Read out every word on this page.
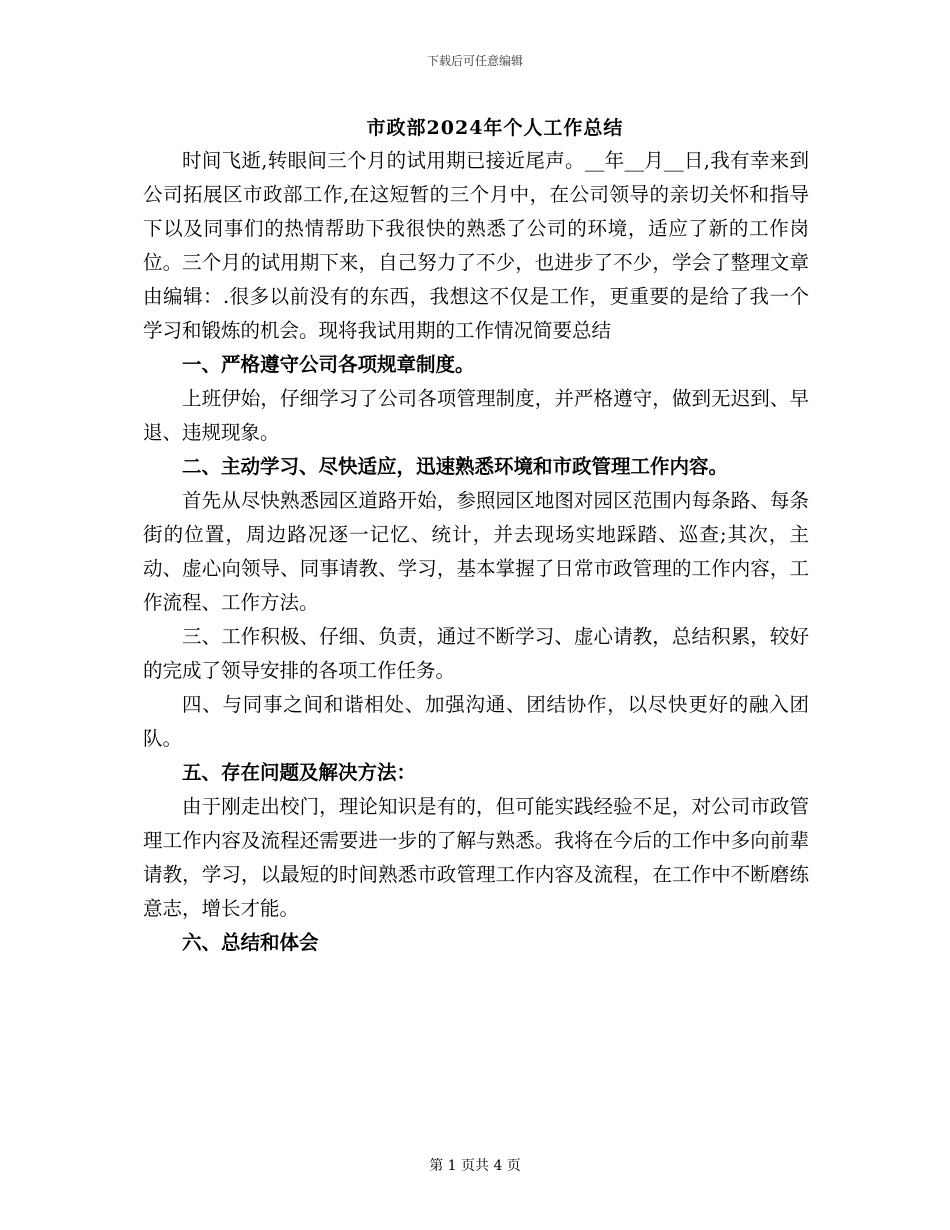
下载后可任意编辑
市政部2024年个人工作总结

时间飞逝,转眼间三个月的试用期已接近尾声。__年__月__日,我有幸来到公司拓展区市政部工作,在这短暂的三个月中，在公司领导的亲切关怀和指导下以及同事们的热情帮助下我很快的熟悉了公司的环境，适应了新的工作岗位。三个月的试用期下来，自己努力了不少，也进步了不少，学会了整理文章由编辑：.很多以前没有的东西，我想这不仅是工作，更重要的是给了我一个学习和锻炼的机会。现将我试用期的工作情况简要总结

一、严格遵守公司各项规章制度。

上班伊始，仔细学习了公司各项管理制度，并严格遵守，做到无迟到、早退、违规现象。

二、主动学习、尽快适应，迅速熟悉环境和市政管理工作内容。

首先从尽快熟悉园区道路开始，参照园区地图对园区范围内每条路、每条街的位置，周边路况逐一记忆、统计，并去现场实地踩踏、巡查;其次，主动、虚心向领导、同事请教、学习，基本掌握了日常市政管理的工作内容，工作流程、工作方法。

三、工作积极、仔细、负责，通过不断学习、虚心请教，总结积累，较好的完成了领导安排的各项工作任务。

四、与同事之间和谐相处、加强沟通、团结协作，以尽快更好的融入团队。

五、存在问题及解决方法：

由于刚走出校门，理论知识是有的，但可能实践经验不足，对公司市政管理工作内容及流程还需要进一步的了解与熟悉。我将在今后的工作中多向前辈请教，学习，以最短的时间熟悉市政管理工作内容及流程，在工作中不断磨练意志，增长才能。

六、总结和体会

第 1 页共 4 页
